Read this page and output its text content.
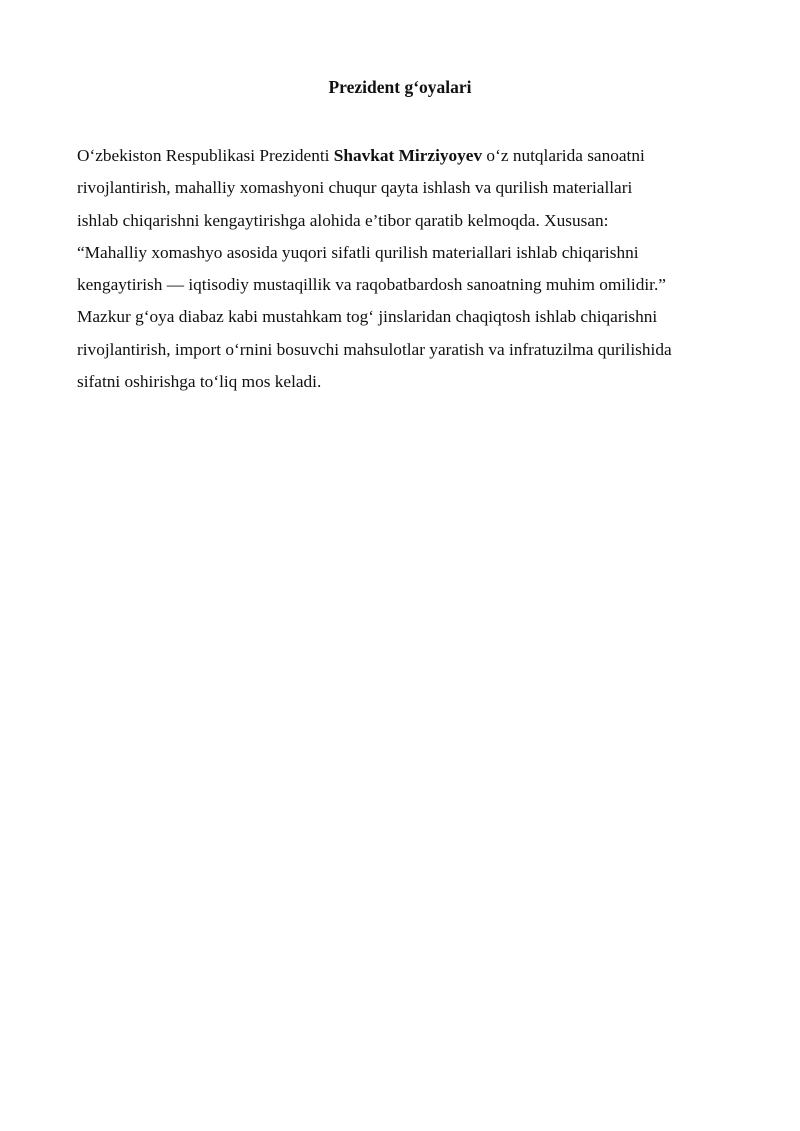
Prezident g‘oyalari
O‘zbekiston Respublikasi Prezidenti Shavkat Mirziyoyev o‘z nutqlarida sanoatni
rivojlantirish, mahalliy xomashyoni chuqur qayta ishlash va qurilish materiallari
ishlab chiqarishni kengaytirishga alohida e’tibor qaratib kelmoqda. Xususan:
“Mahalliy xomashyo asosida yuqori sifatli qurilish materiallari ishlab chiqarishni
kengaytirish — iqtisodiy mustaqillik va raqobatbardosh sanoatning muhim omilidir.”
Mazkur g‘oya diabaz kabi mustahkam tog‘ jinslaridan chaqiqtosh ishlab chiqarishni
rivojlantirish, import o‘rnini bosuvchi mahsulotlar yaratish va infratuzilma qurilishida
sifatni oshirishga to‘liq mos keladi.
